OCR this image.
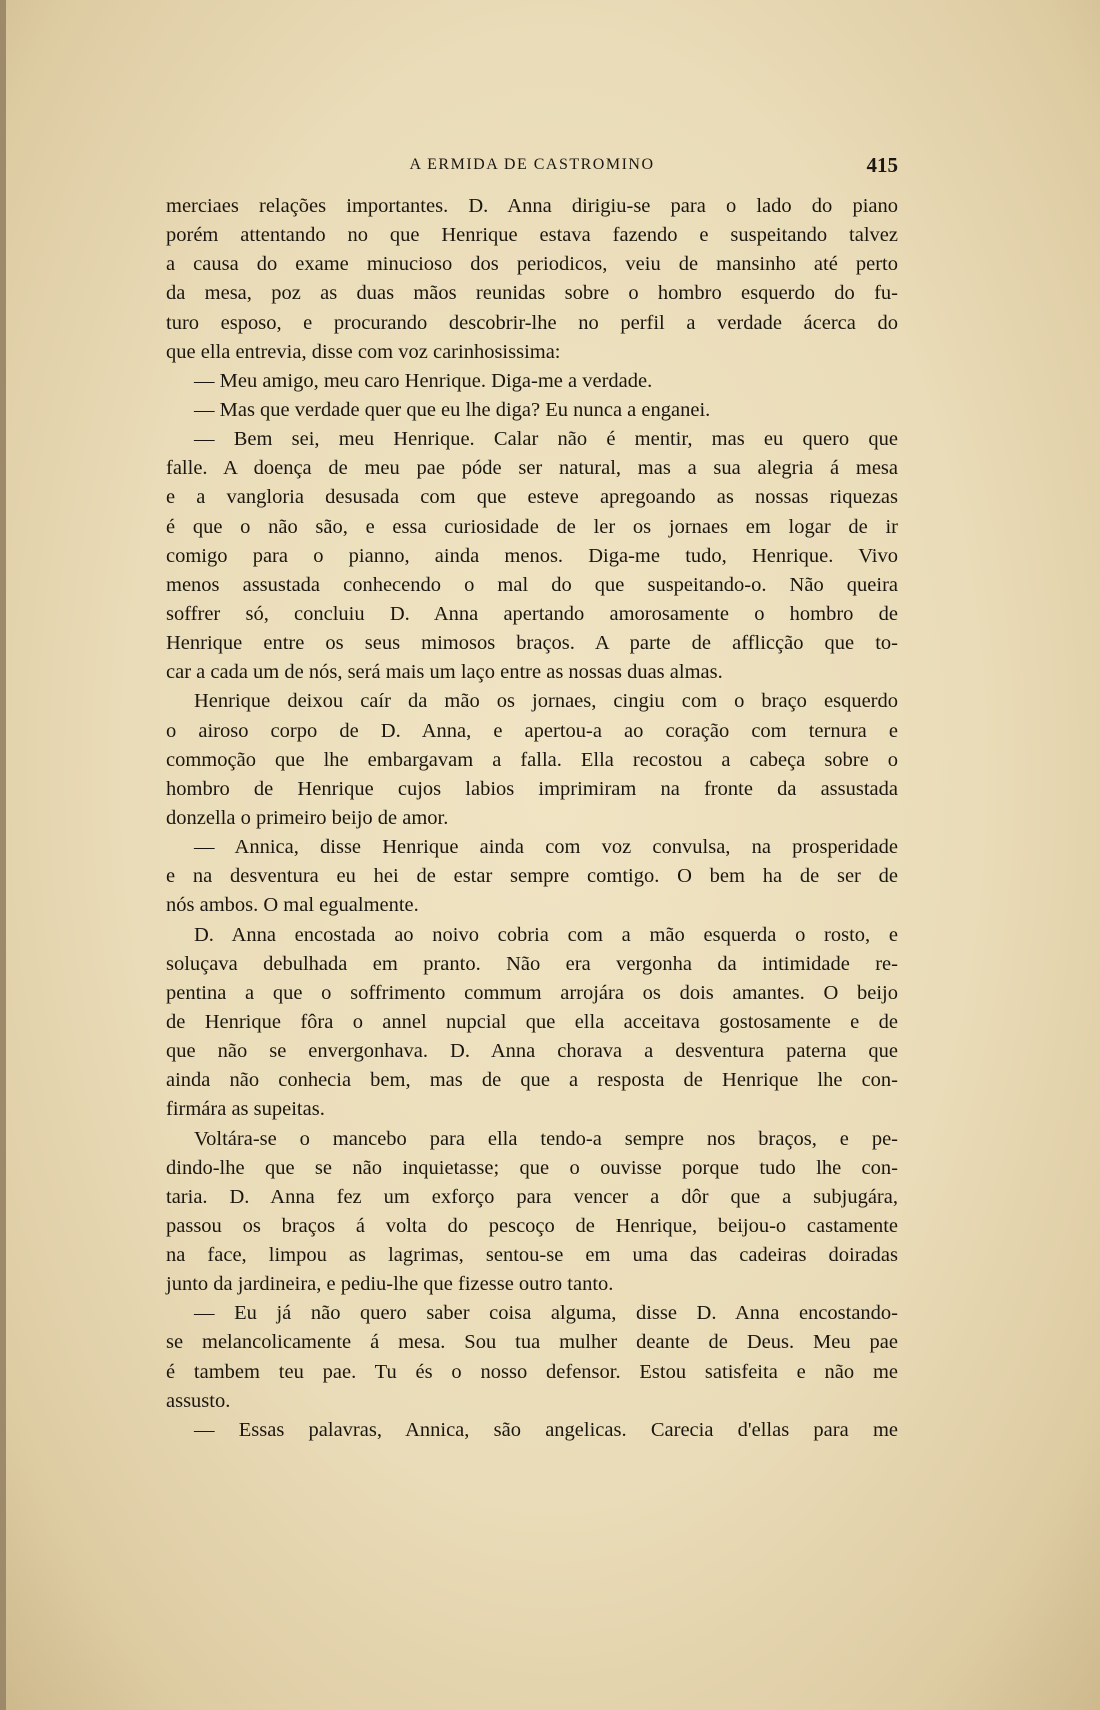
A ERMIDA DE CASTROMINO	415
merciaes relações importantes. D. Anna dirigiu-se para o lado do piano
porém attentando no que Henrique estava fazendo e suspeitando talvez
a causa do exame minucioso dos periodicos, veiu de mansinho até perto
da mesa, poz as duas mãos reunidas sobre o hombro esquerdo do fu-
turo esposo, e procurando descobrir-lhe no perfil a verdade ácerca do
que ella entrevia, disse com voz carinhosissima:
— Meu amigo, meu caro Henrique. Diga-me a verdade.
— Mas que verdade quer que eu lhe diga? Eu nunca a enganei.
— Bem sei, meu Henrique. Calar não é mentir, mas eu quero que
falle. A doença de meu pae póde ser natural, mas a sua alegria á mesa
e a vangloria desusada com que esteve apregoando as nossas riquezas
é que o não são, e essa curiosidade de ler os jornaes em logar de ir
comigo para o pianno, ainda menos. Diga-me tudo, Henrique. Vivo
menos assustada conhecendo o mal do que suspeitando-o. Não queira
soffrer só, concluiu D. Anna apertando amorosamente o hombro de
Henrique entre os seus mimosos braços. A parte de afflicção que to-
car a cada um de nós, será mais um laço entre as nossas duas almas.
Henrique deixou caír da mão os jornaes, cingiu com o braço esquerdo
o airoso corpo de D. Anna, e apertou-a ao coração com ternura e
commoção que lhe embargavam a falla. Ella recostou a cabeça sobre o
hombro de Henrique cujos labios imprimiram na fronte da assustada
donzella o primeiro beijo de amor.
— Annica, disse Henrique ainda com voz convulsa, na prosperidade
e na desventura eu hei de estar sempre comtigo. O bem ha de ser de
nós ambos. O mal egualmente.
D. Anna encostada ao noivo cobria com a mão esquerda o rosto, e
soluçava debulhada em pranto. Não era vergonha da intimidade re-
pentina a que o soffrimento commum arrojára os dois amantes. O beijo
de Henrique fôra o annel nupcial que ella acceitava gostosamente e de
que não se envergonhava. D. Anna chorava a desventura paterna que
ainda não conhecia bem, mas de que a resposta de Henrique lhe con-
firmára as supeitas.
Voltára-se o mancebo para ella tendo-a sempre nos braços, e pe-
dindo-lhe que se não inquietasse; que o ouvisse porque tudo lhe con-
taria. D. Anna fez um exforço para vencer a dôr que a subjugára,
passou os braços á volta do pescoço de Henrique, beijou-o castamente
na face, limpou as lagrimas, sentou-se em uma das cadeiras doiradas
junto da jardineira, e pediu-lhe que fizesse outro tanto.
— Eu já não quero saber coisa alguma, disse D. Anna encostando-
se melancolicamente á mesa. Sou tua mulher deante de Deus. Meu pae
é tambem teu pae. Tu és o nosso defensor. Estou satisfeita e não me
assusto.
— Essas palavras, Annica, são angelicas. Carecia d'ellas para me
